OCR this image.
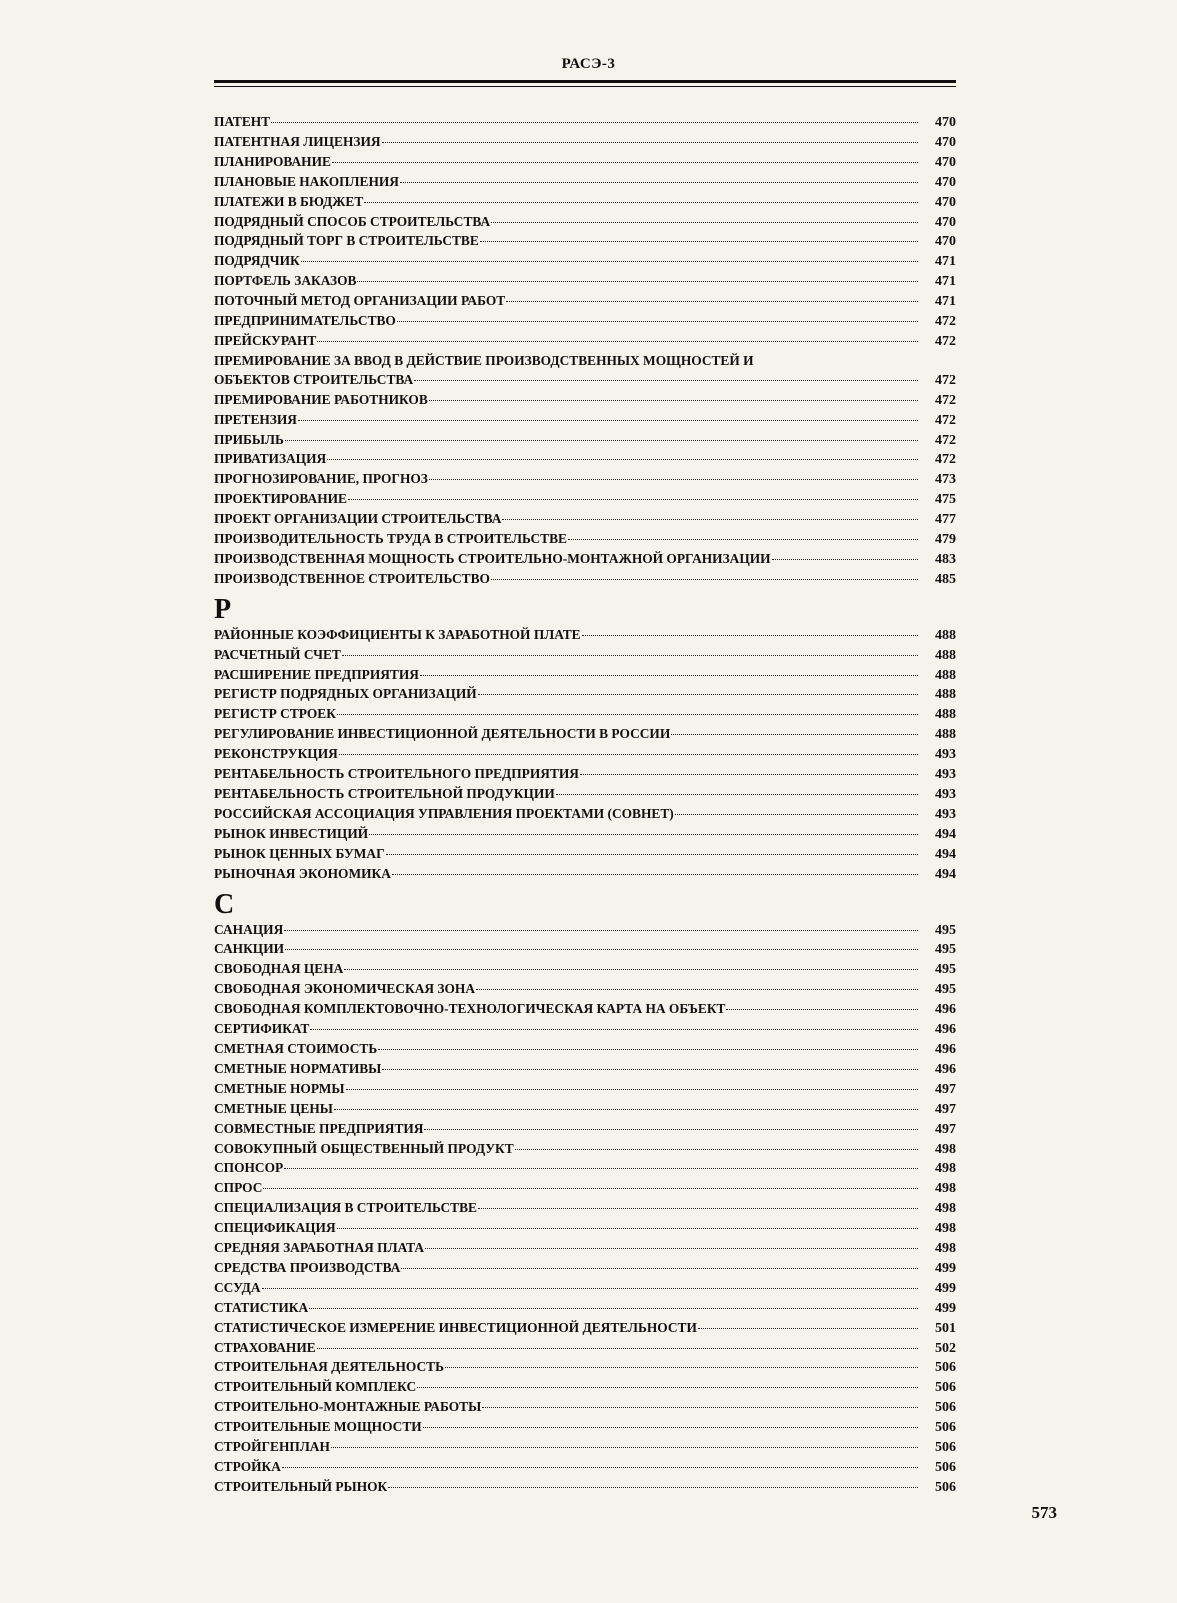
РАСЭ-3
ПАТЕНТ	470
ПАТЕНТНАЯ ЛИЦЕНЗИЯ	470
ПЛАНИРОВАНИЕ	470
ПЛАНОВЫЕ НАКОПЛЕНИЯ	470
ПЛАТЕЖИ В БЮДЖЕТ	470
ПОДРЯДНЫЙ СПОСОБ СТРОИТЕЛЬСТВА	470
ПОДРЯДНЫЙ ТОРГ В СТРОИТЕЛЬСТВЕ	470
ПОДРЯДЧИК	471
ПОРТФЕЛЬ ЗАКАЗОВ	471
ПОТОЧНЫЙ МЕТОД ОРГАНИЗАЦИИ РАБОТ	471
ПРЕДПРИНИМАТЕЛЬСТВО	472
ПРЕЙСКУРАНТ	472
ПРЕМИРОВАНИЕ ЗА ВВОД В ДЕЙСТВИЕ ПРОИЗВОДСТВЕННЫХ МОЩНОСТЕЙ И
ОБЪЕКТОВ СТРОИТЕЛЬСТВА	472
ПРЕМИРОВАНИЕ РАБОТНИКОВ	472
ПРЕТЕНЗИЯ	472
ПРИБЫЛЬ	472
ПРИВАТИЗАЦИЯ	472
ПРОГНОЗИРОВАНИЕ, ПРОГНОЗ	473
ПРОЕКТИРОВАНИЕ	475
ПРОЕКТ ОРГАНИЗАЦИИ СТРОИТЕЛЬСТВА	477
ПРОИЗВОДИТЕЛЬНОСТЬ ТРУДА В СТРОИТЕЛЬСТВЕ	479
ПРОИЗВОДСТВЕННАЯ МОЩНОСТЬ СТРОИТЕЛЬНО-МОНТАЖНОЙ ОРГАНИЗАЦИИ	483
ПРОИЗВОДСТВЕННОЕ СТРОИТЕЛЬСТВО	485
Р
РАЙОННЫЕ КОЭФФИЦИЕНТЫ К ЗАРАБОТНОЙ ПЛАТЕ	488
РАСЧЕТНЫЙ СЧЕТ	488
РАСШИРЕНИЕ ПРЕДПРИЯТИЯ	488
РЕГИСТР ПОДРЯДНЫХ ОРГАНИЗАЦИЙ	488
РЕГИСТР СТРОЕК	488
РЕГУЛИРОВАНИЕ ИНВЕСТИЦИОННОЙ ДЕЯТЕЛЬНОСТИ В РОССИИ	488
РЕКОНСТРУКЦИЯ	493
РЕНТАБЕЛЬНОСТЬ СТРОИТЕЛЬНОГО ПРЕДПРИЯТИЯ	493
РЕНТАБЕЛЬНОСТЬ СТРОИТЕЛЬНОЙ ПРОДУКЦИИ	493
РОССИЙСКАЯ АССОЦИАЦИЯ УПРАВЛЕНИЯ ПРОЕКТАМИ (СОВНЕТ)	493
РЫНОК ИНВЕСТИЦИЙ	494
РЫНОК ЦЕННЫХ БУМАГ	494
РЫНОЧНАЯ ЭКОНОМИКА	494
С
САНАЦИЯ	495
САНКЦИИ	495
СВОБОДНАЯ ЦЕНА	495
СВОБОДНАЯ ЭКОНОМИЧЕСКАЯ ЗОНА	495
СВОБОДНАЯ КОМПЛЕКТОВОЧНО-ТЕХНОЛОГИЧЕСКАЯ КАРТА НА ОБЪЕКТ	496
СЕРТИФИКАТ	496
СМЕТНАЯ СТОИМОСТЬ	496
СМЕТНЫЕ НОРМАТИВЫ	496
СМЕТНЫЕ НОРМЫ	497
СМЕТНЫЕ ЦЕНЫ	497
СОВМЕСТНЫЕ ПРЕДПРИЯТИЯ	497
СОВОКУПНЫЙ ОБЩЕСТВЕННЫЙ ПРОДУКТ	498
СПОНСОР	498
СПРОС	498
СПЕЦИАЛИЗАЦИЯ В СТРОИТЕЛЬСТВЕ	498
СПЕЦИФИКАЦИЯ	498
СРЕДНЯЯ ЗАРАБОТНАЯ ПЛАТА	498
СРЕДСТВА ПРОИЗВОДСТВА	499
ССУДА	499
СТАТИСТИКА	499
СТАТИСТИЧЕСКОЕ ИЗМЕРЕНИЕ ИНВЕСТИЦИОННОЙ ДЕЯТЕЛЬНОСТИ	501
СТРАХОВАНИЕ	502
СТРОИТЕЛЬНАЯ ДЕЯТЕЛЬНОСТЬ	506
СТРОИТЕЛЬНЫЙ КОМПЛЕКС	506
СТРОИТЕЛЬНО-МОНТАЖНЫЕ РАБОТЫ	506
СТРОИТЕЛЬНЫЕ МОЩНОСТИ	506
СТРОЙГЕНПЛАН	506
СТРОЙКА	506
СТРОИТЕЛЬНЫЙ РЫНОК	506
573
